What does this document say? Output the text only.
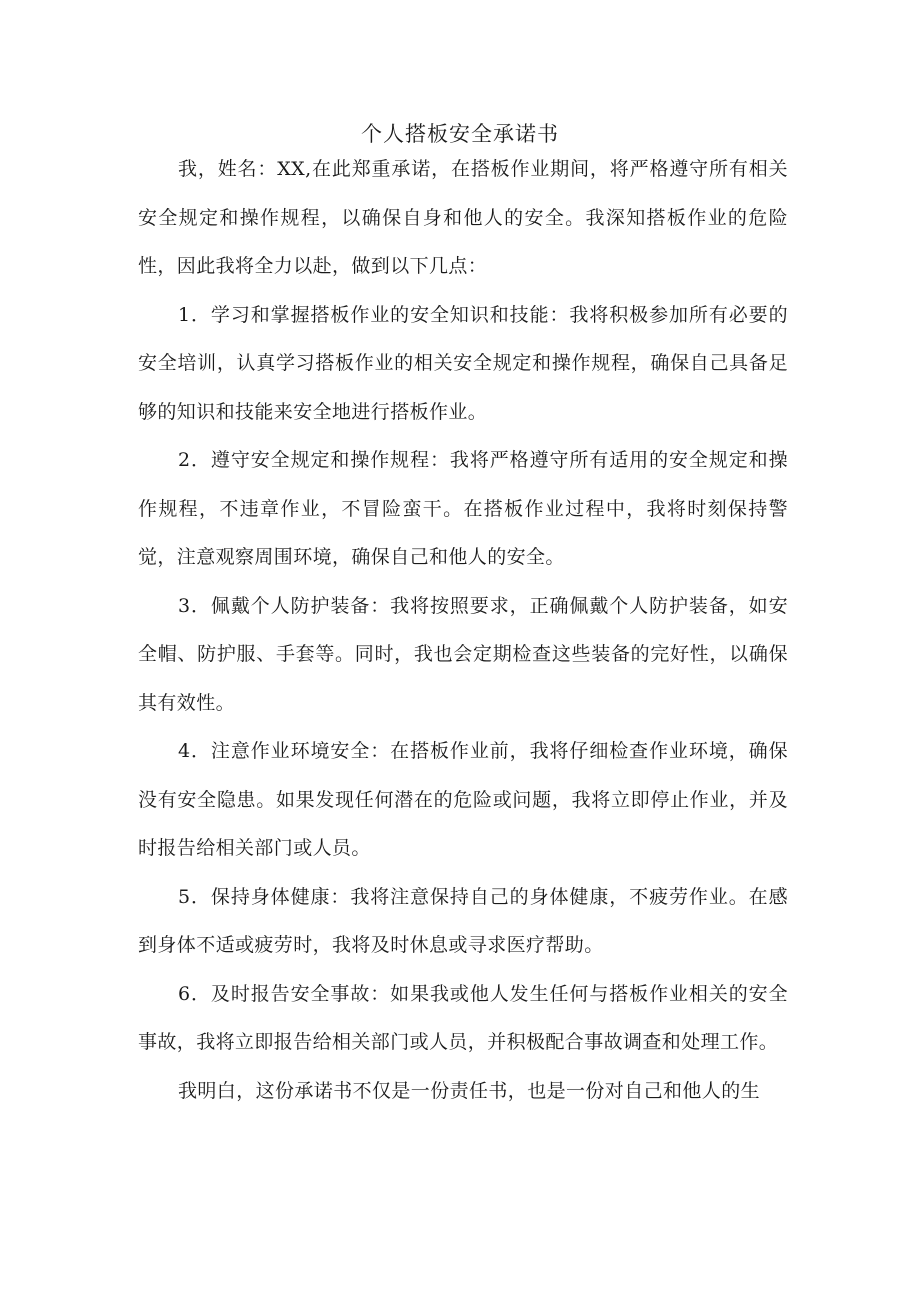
个人搭板安全承诺书

我，姓名：XX,在此郑重承诺，在搭板作业期间，将严格遵守所有相关安全规定和操作规程，以确保自身和他人的安全。我深知搭板作业的危险性，因此我将全力以赴，做到以下几点：

1．学习和掌握搭板作业的安全知识和技能：我将积极参加所有必要的安全培训，认真学习搭板作业的相关安全规定和操作规程，确保自己具备足够的知识和技能来安全地进行搭板作业。

2．遵守安全规定和操作规程：我将严格遵守所有适用的安全规定和操作规程，不违章作业，不冒险蛮干。在搭板作业过程中，我将时刻保持警觉，注意观察周围环境，确保自己和他人的安全。

3．佩戴个人防护装备：我将按照要求，正确佩戴个人防护装备，如安全帽、防护服、手套等。同时，我也会定期检查这些装备的完好性，以确保其有效性。

4．注意作业环境安全：在搭板作业前，我将仔细检查作业环境，确保没有安全隐患。如果发现任何潜在的危险或问题，我将立即停止作业，并及时报告给相关部门或人员。

5．保持身体健康：我将注意保持自己的身体健康，不疲劳作业。在感到身体不适或疲劳时，我将及时休息或寻求医疗帮助。

6．及时报告安全事故：如果我或他人发生任何与搭板作业相关的安全事故，我将立即报告给相关部门或人员，并积极配合事故调查和处理工作。

我明白，这份承诺书不仅是一份责任书，也是一份对自己和他人的生
